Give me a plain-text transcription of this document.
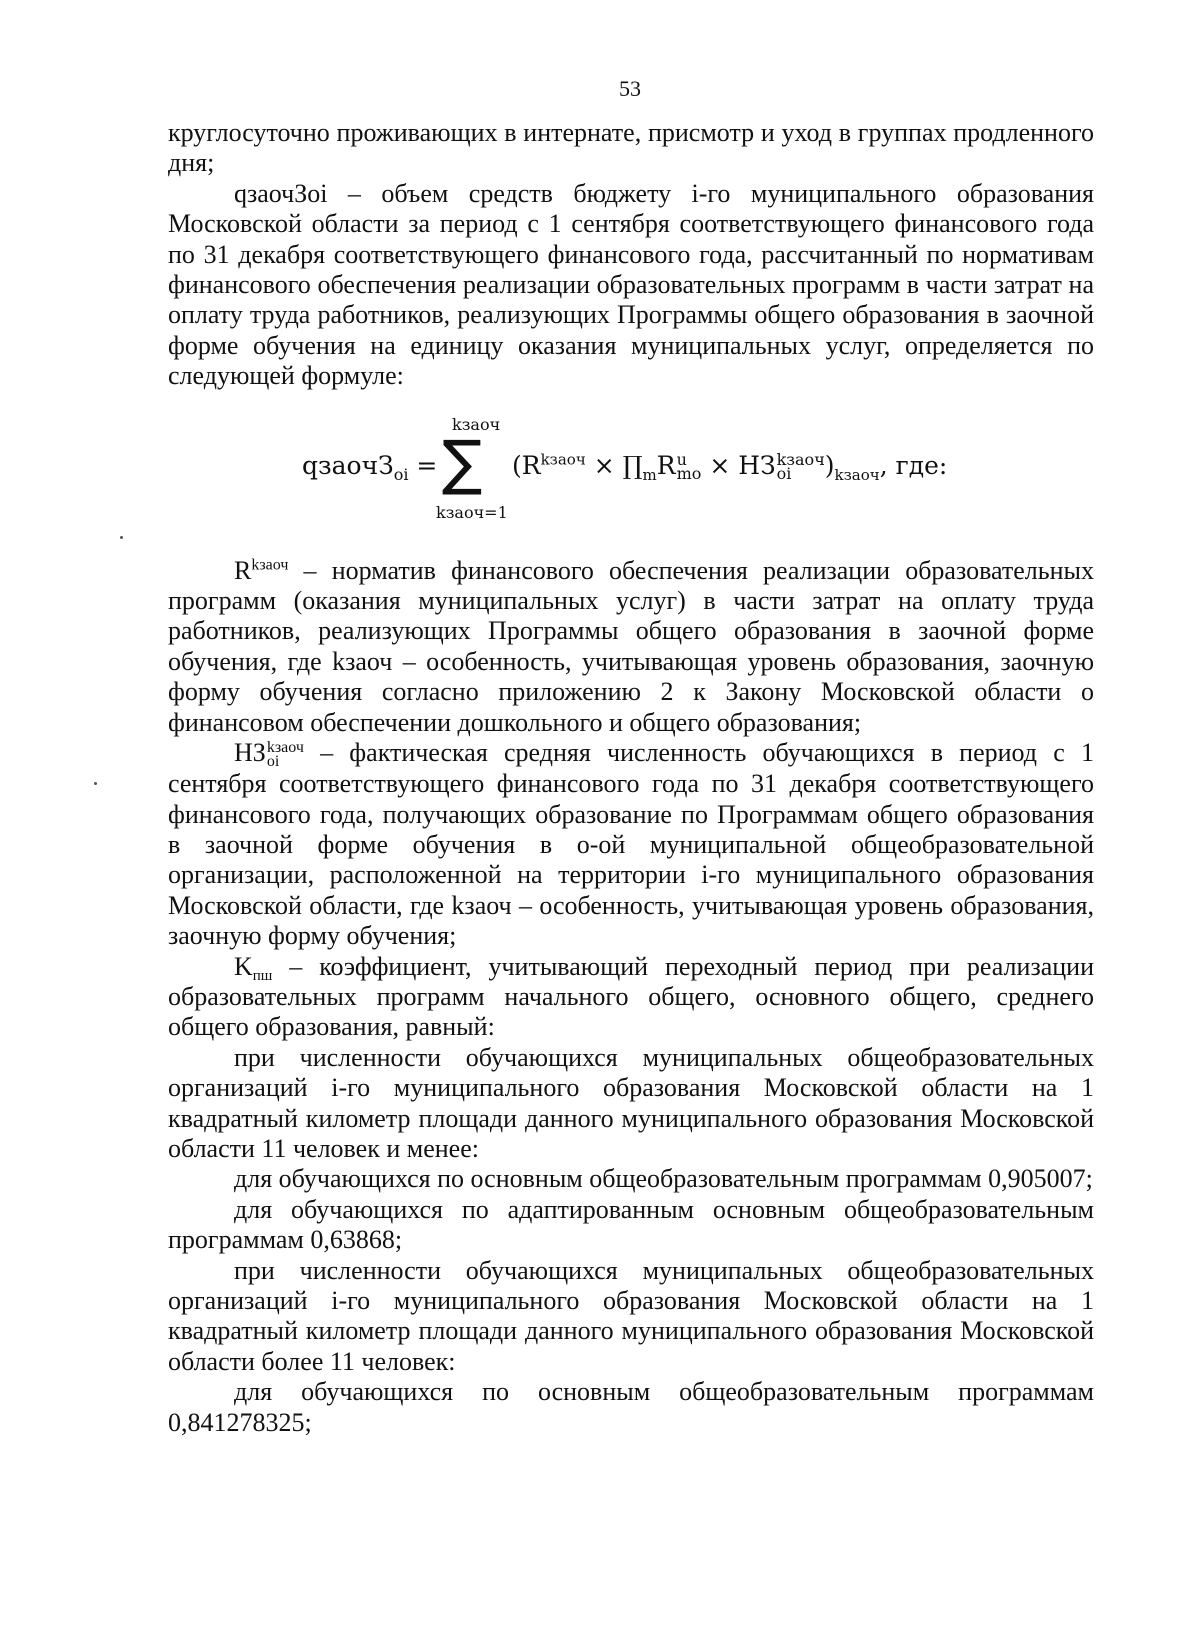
53

круглосуточно проживающих в интернате, присмотр и уход в группах продленного дня;

qзаочЗoi – объем средств бюджету i-го муниципального образования Московской области за период с 1 сентября соответствующего финансового года по 31 декабря соответствующего финансового года, рассчитанный по нормативам финансового обеспечения реализации образовательных программ в части затрат на оплату труда работников, реализующих Программы общего образования в заочной форме обучения на единицу оказания муниципальных услуг, определяется по следующей формуле:

qзаочЗ$_{oi}$ =
kзаоч
∑
kзаоч=1
($R^{kзаоч}$ × $\prod_mR$ u
mo × НЗ kзаоч
oi	)$_{kзаоч}$, где:

$R^{kзаоч}$ – норматив финансового обеспечения реализации образовательных программ (оказания муниципальных услуг) в части затрат на оплату труда работников, реализующих Программы общего образования в заочной форме обучения, где kзаоч – особенность, учитывающая уровень образования, заочную форму обучения согласно приложению 2 к Закону Московской области о финансовом обеспечении дошкольного и общего образования;

НЗ kзаоч
oi – фактическая средняя численность обучающихся в период с 1 сентября соответствующего финансового года по 31 декабря соответствующего финансового года, получающих образование по Программам общего образования в заочной форме обучения в о-ой муниципальной общеобразовательной организации, расположенной на территории i-го муниципального образования Московской области, где kзаоч – особенность, учитывающая уровень образования, заочную форму обучения;

Kпш – коэффициент, учитывающий переходный период при реализации образовательных программ начального общего, основного общего, среднего общего образования, равный:

при численности обучающихся муниципальных общеобразовательных организаций i-го муниципального образования Московской области на 1 квадратный километр площади данного муниципального образования Московской области 11 человек и менее:

для обучающихся по основным общеобразовательным программам 0,905007;

для обучающихся по адаптированным основным общеобразовательным программам 0,63868;

при численности обучающихся муниципальных общеобразовательных организаций i-го муниципального образования Московской области на 1 квадратный километр площади данного муниципального образования Московской области более 11 человек:

для обучающихся по основным общеобразовательным программам 0,841278325;
